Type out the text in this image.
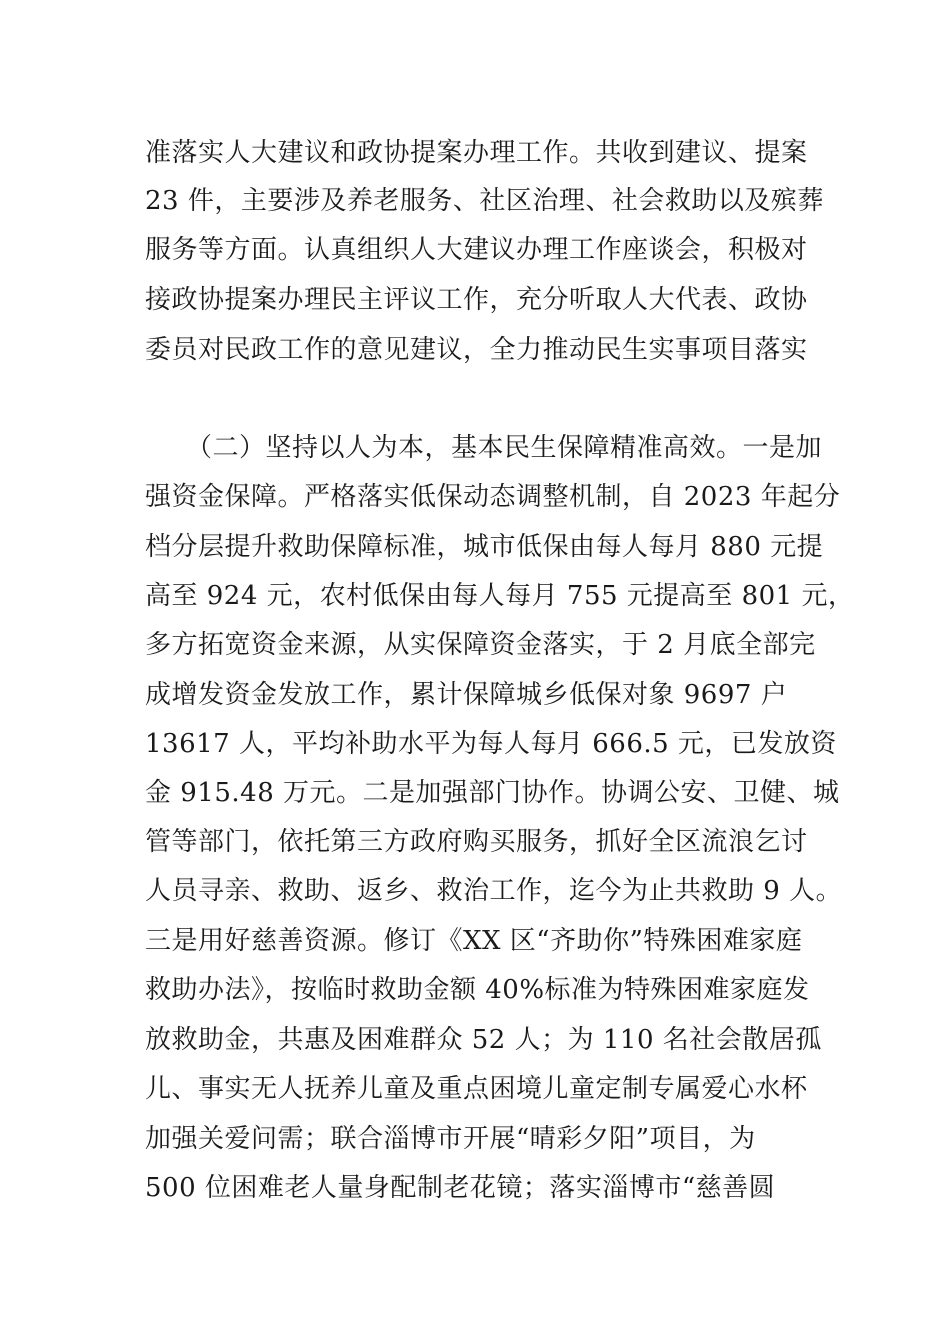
准落实人大建议和政协提案办理工作。共收到建议、提案
23 件，主要涉及养老服务、社区治理、社会救助以及殡葬
服务等方面。认真组织人大建议办理工作座谈会，积极对
接政协提案办理民主评议工作，充分听取人大代表、政协
委员对民政工作的意见建议，全力推动民生实事项目落实
（二）坚持以人为本，基本民生保障精准高效。一是加
强资金保障。严格落实低保动态调整机制，自 2023 年起分
档分层提升救助保障标准，城市低保由每人每月 880 元提
高至 924 元，农村低保由每人每月 755 元提高至 801 元，
多方拓宽资金来源，从实保障资金落实，于 2 月底全部完
成增发资金发放工作，累计保障城乡低保对象 9697 户
13617 人，平均补助水平为每人每月 666.5 元，已发放资
金 915.48 万元。二是加强部门协作。协调公安、卫健、城
管等部门，依托第三方政府购买服务，抓好全区流浪乞讨
人员寻亲、救助、返乡、救治工作，迄今为止共救助 9 人。
三是用好慈善资源。修订《XX 区“齐助你”特殊困难家庭
救助办法》，按临时救助金额 40%标准为特殊困难家庭发
放救助金，共惠及困难群众 52 人；为 110 名社会散居孤
儿、事实无人抚养儿童及重点困境儿童定制专属爱心水杯
加强关爱问需；联合淄博市开展“晴彩夕阳”项目，为
500 位困难老人量身配制老花镜；落实淄博市“慈善圆
